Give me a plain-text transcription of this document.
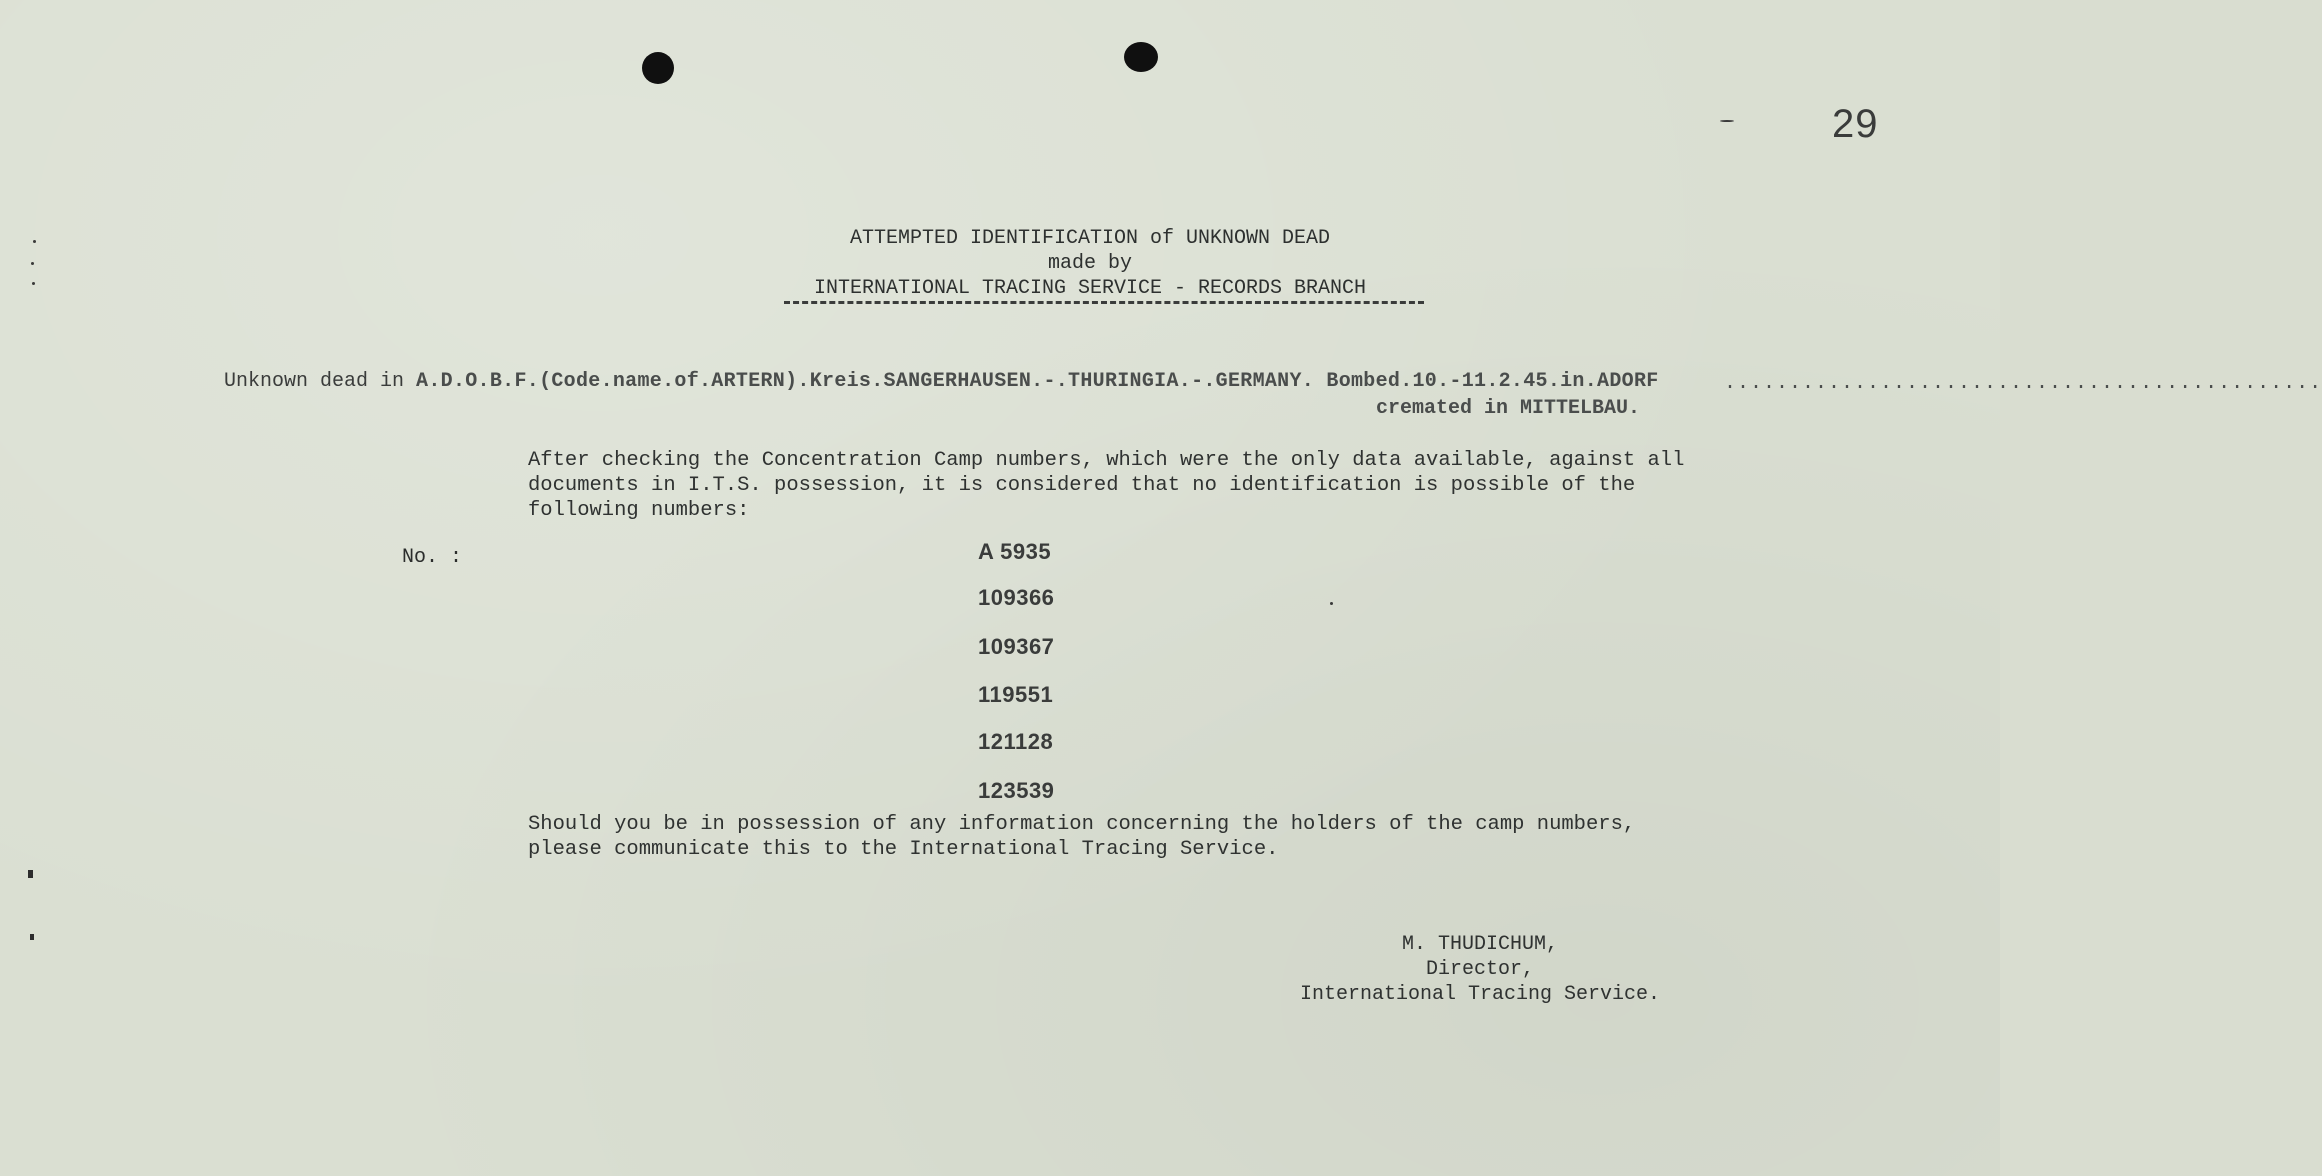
29
ATTEMPTED IDENTIFICATION of UNKNOWN DEAD
made by
INTERNATIONAL TRACING SERVICE - RECORDS BRANCH
Unknown dead in A.D.O.B.F.(Code.name.of.ARTERN).Kreis.SANGERHAUSEN.-.THURINGIA.-.GERMANY. Bombed.10.-11.2.45.in.ADORF	..............................................
cremated in MITTELBAU.
After checking the Concentration Camp numbers, which were the only data available, against all
documents in I.T.S. possession, it is considered that no identification is possible of the
following numbers:
No. :	A 5935
109366
109367
119551
121128
123539
Should you be in possession of any information concerning the holders of the camp numbers,
please communicate this to the International Tracing Service.
M. THUDICHUM,
Director,
International Tracing Service.
